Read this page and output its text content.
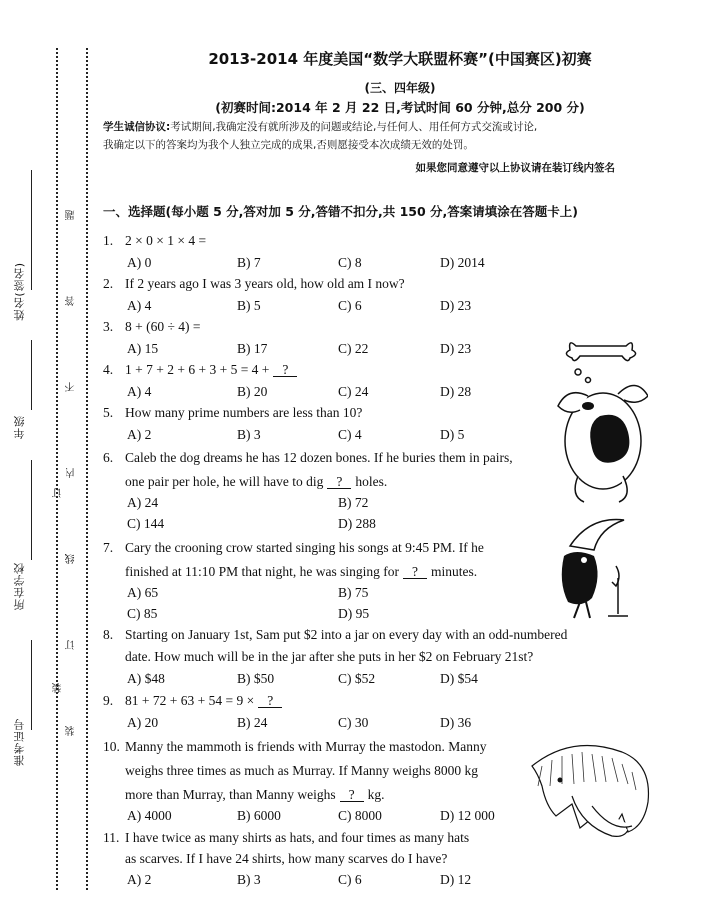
姓名(签名)
年级
所在学校
准考证号
订
装
题
答
不
内
线
订
装
2013-2014 年度美国“数学大联盟杯赛”(中国赛区)初赛
(三、四年级)
(初赛时间:2014 年 2 月 22 日,考试时间 60 分钟,总分 200 分)
学生诚信协议:考试期间,我确定没有就所涉及的问题或结论,与任何人、用任何方式交流或讨论,
我确定以下的答案均为我个人独立完成的成果,否则愿接受本次成绩无效的处罚。
如果您同意遵守以上协议请在装订线内签名
一、选择题(每小题 5 分,答对加 5 分,答错不扣分,共 150 分,答案请填涂在答题卡上)
1. 2 × 0 × 1 × 4 =
A) 0	B) 7	C) 8	D) 2014
2. If 2 years ago I was 3 years old, how old am I now?
A) 4	B) 5	C) 6	D) 23
3. 8 + (60 ÷ 4) =
A) 15	B) 17	C) 22	D) 23
4. 1 + 7 + 2 + 6 + 3 + 5 = 4 + ?
A) 4	B) 20	C) 24	D) 28
5. How many prime numbers are less than 10?
A) 2	B) 3	C) 4	D) 5
6. Caleb the dog dreams he has 12 dozen bones. If he buries them in pairs,
one pair per hole, he will have to dig ? holes.
A) 24	B) 72
C) 144	D) 288
7. Cary the crooning crow started singing his songs at 9:45 PM. If he
finished at 11:10 PM that night, he was singing for ? minutes.
A) 65	B) 75
C) 85	D) 95
8. Starting on January 1st, Sam put $2 into a jar on every day with an odd-numbered
date. How much will be in the jar after she puts in her $2 on February 21st?
A) $48	B) $50	C) $52	D) $54
9. 81 + 72 + 63 + 54 = 9 × ?
A) 20	B) 24	C) 30	D) 36
10. Manny the mammoth is friends with Murray the mastodon. Manny
weighs three times as much as Murray. If Manny weighs 8000 kg
more than Murray, than Manny weighs ? kg.
A) 4000	B) 6000	C) 8000	D) 12 000
11. I have twice as many shirts as hats, and four times as many hats
as scarves. If I have 24 shirts, how many scarves do I have?
A) 2	B) 3	C) 6	D) 12
